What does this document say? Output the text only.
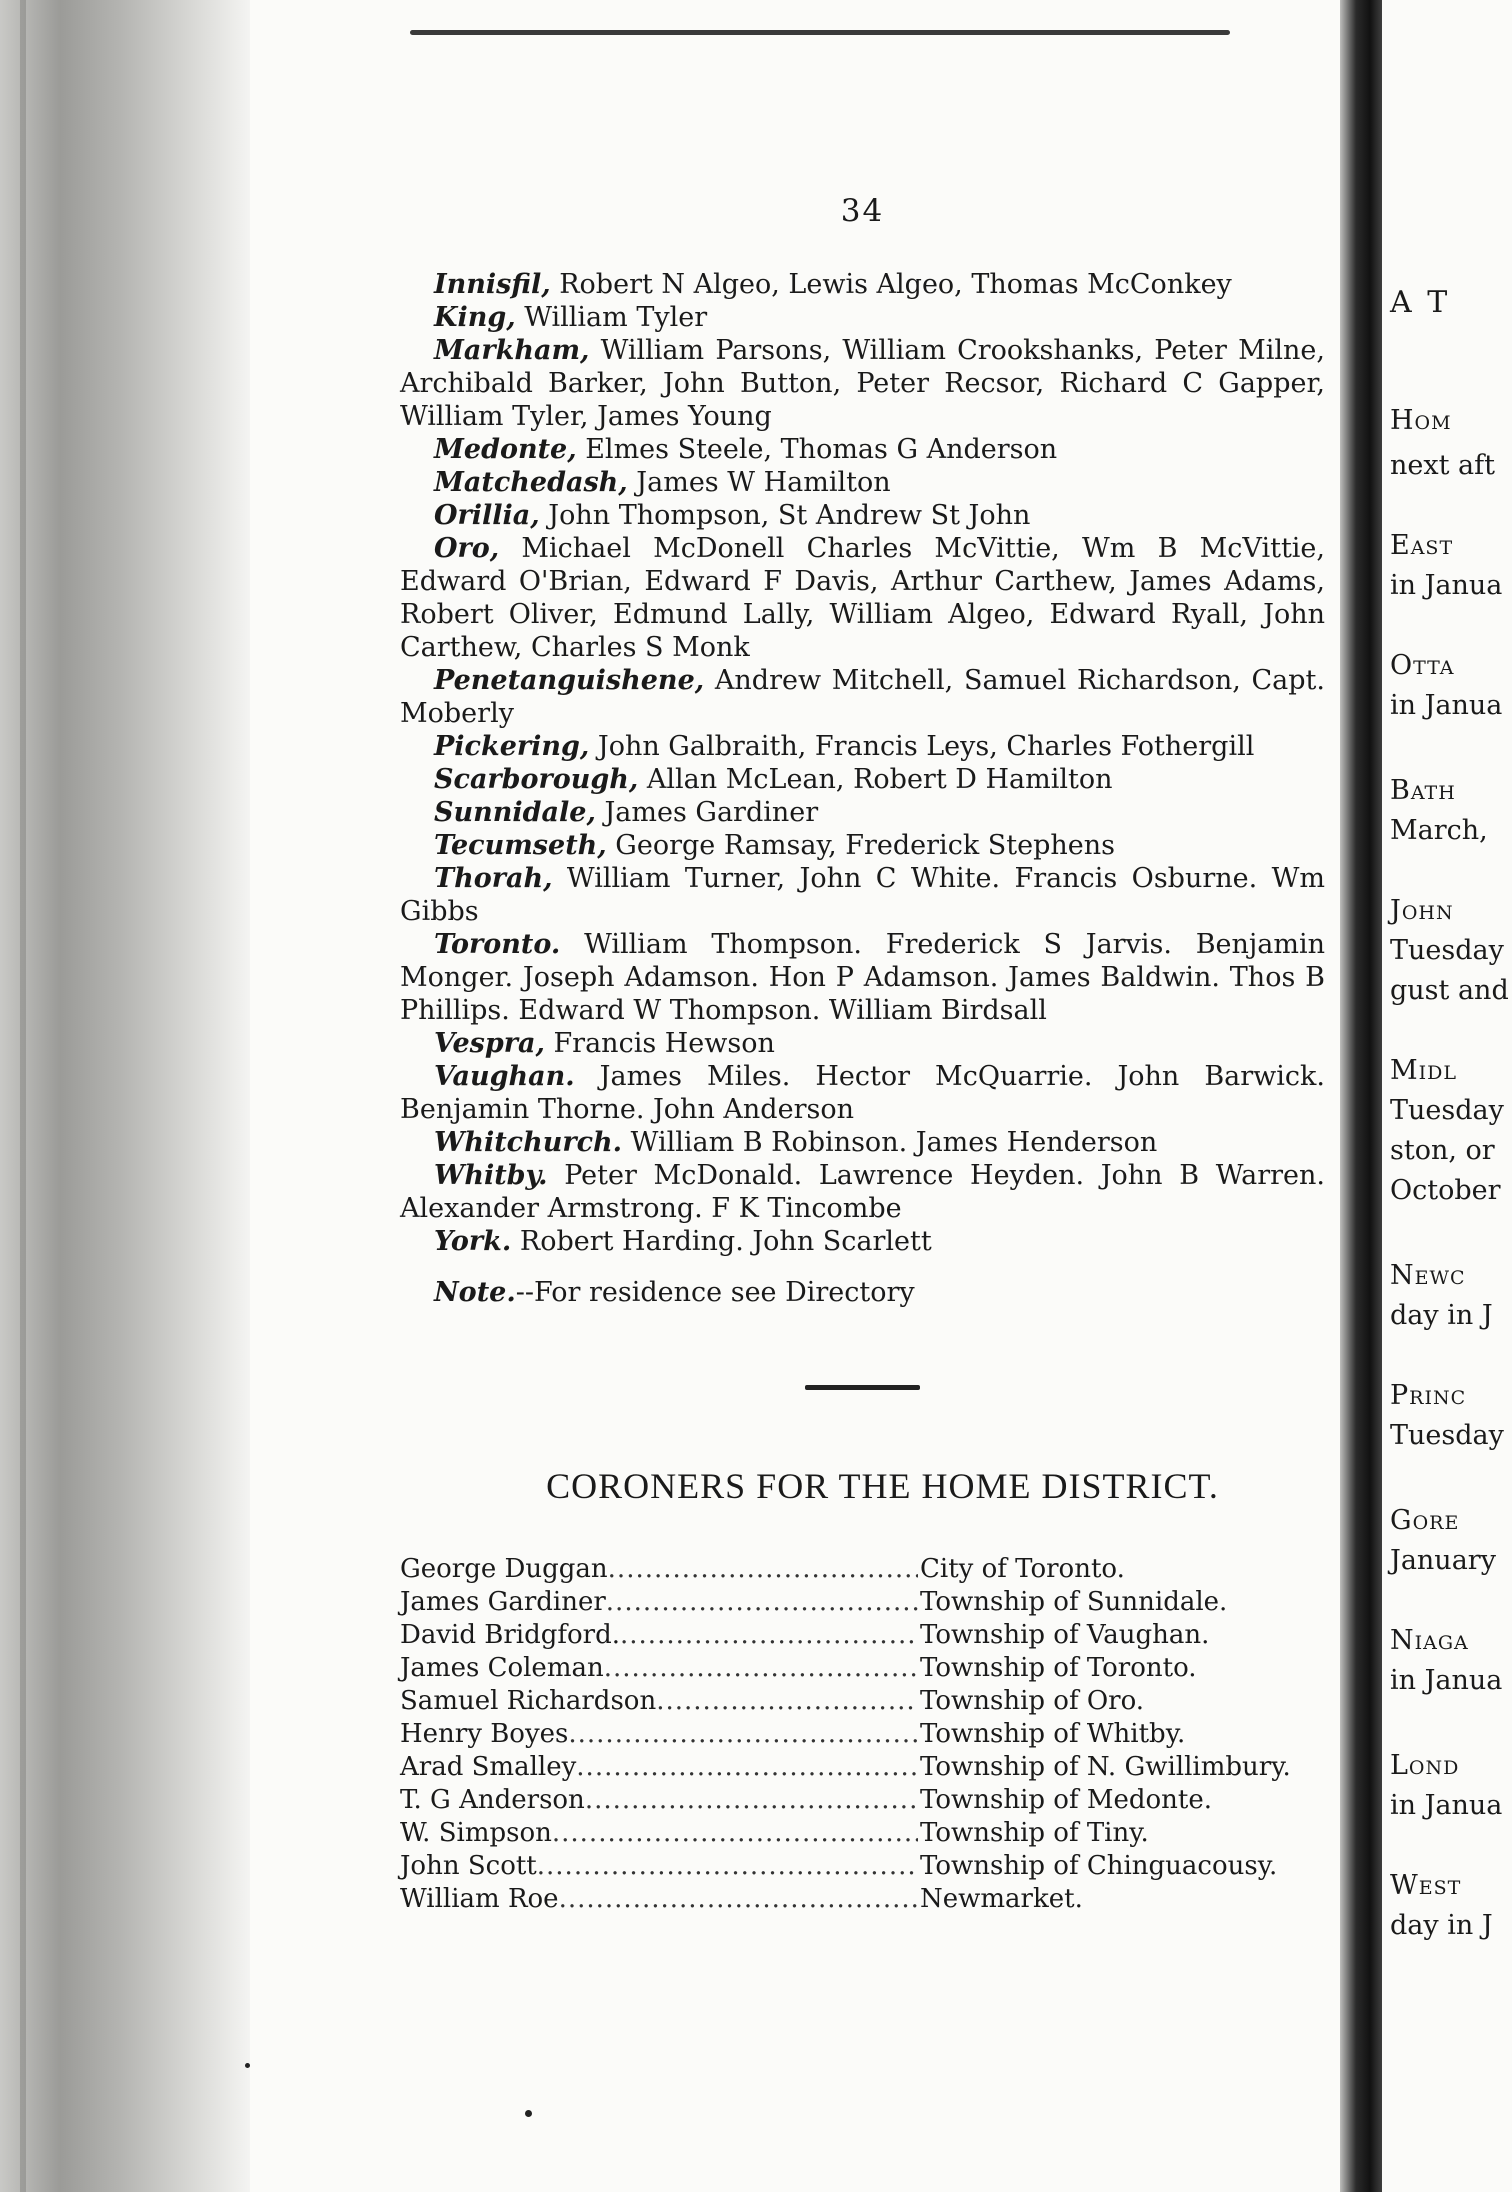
34

Innisfil, Robert N Algeo, Lewis Algeo, Thomas McConkey

King, William Tyler

Markham, William Parsons, William Crookshanks, Peter Milne, Archibald Barker, John Button, Peter Recsor, Richard C Gapper, William Tyler, James Young

Medonte, Elmes Steele, Thomas G Anderson

Matchedash, James W Hamilton

Orillia, John Thompson, St Andrew St John

Oro, Michael McDonell Charles McVittie, Wm B McVittie, Edward O'Brian, Edward F Davis, Arthur Carthew, James Adams, Robert Oliver, Edmund Lally, William Algeo, Edward Ryall, John Carthew, Charles S Monk

Penetanguishene, Andrew Mitchell, Samuel Richardson, Capt. Moberly

Pickering, John Galbraith, Francis Leys, Charles Fothergill

Scarborough, Allan McLean, Robert D Hamilton

Sunnidale, James Gardiner

Tecumseth, George Ramsay, Frederick Stephens

Thorah, William Turner, John C White. Francis Osburne. Wm Gibbs

Toronto. William Thompson. Frederick S Jarvis. Benjamin Monger. Joseph Adamson. Hon P Adamson. James Baldwin. Thos B Phillips. Edward W Thompson. William Birdsall

Vespra, Francis Hewson

Vaughan. James Miles. Hector McQuarrie. John Barwick. Benjamin Thorne. John Anderson

Whitchurch. William B Robinson. James Henderson

Whitby. Peter McDonald. Lawrence Heyden. John B Warren. Alexander Armstrong. F K Tincombe

York. Robert Harding. John Scarlett

Note.--For residence see Directory

CORONERS FOR THE HOME DISTRICT.
George Duggan .....	City of Toronto.
James Gardiner .....	Township of Sunnidale.
David Bridgford. .....	Township of Vaughan.
James Coleman .....	Township of Toronto.
Samuel Richardson .....	Township of Oro.
Henry Boyes .....	Township of Whitby.
Arad Smalley .....	Township of N. Gwillimbury.
T. G Anderson .....	Township of Medonte.
W. Simpson .....	Township of Tiny.
John Scott .....	Township of Chinguacousy.
William Roe .....	Newmarket.
A T
Hom
next aft
East
in Janua
Otta
in Janua
Bath
March,
John
Tuesday
gust and
Midl
Tuesday
ston, or
October
Newc
day in J
Princ
Tuesday
Gore
January
Niaga
in Janua
Lond
in Janua
West
day in J
